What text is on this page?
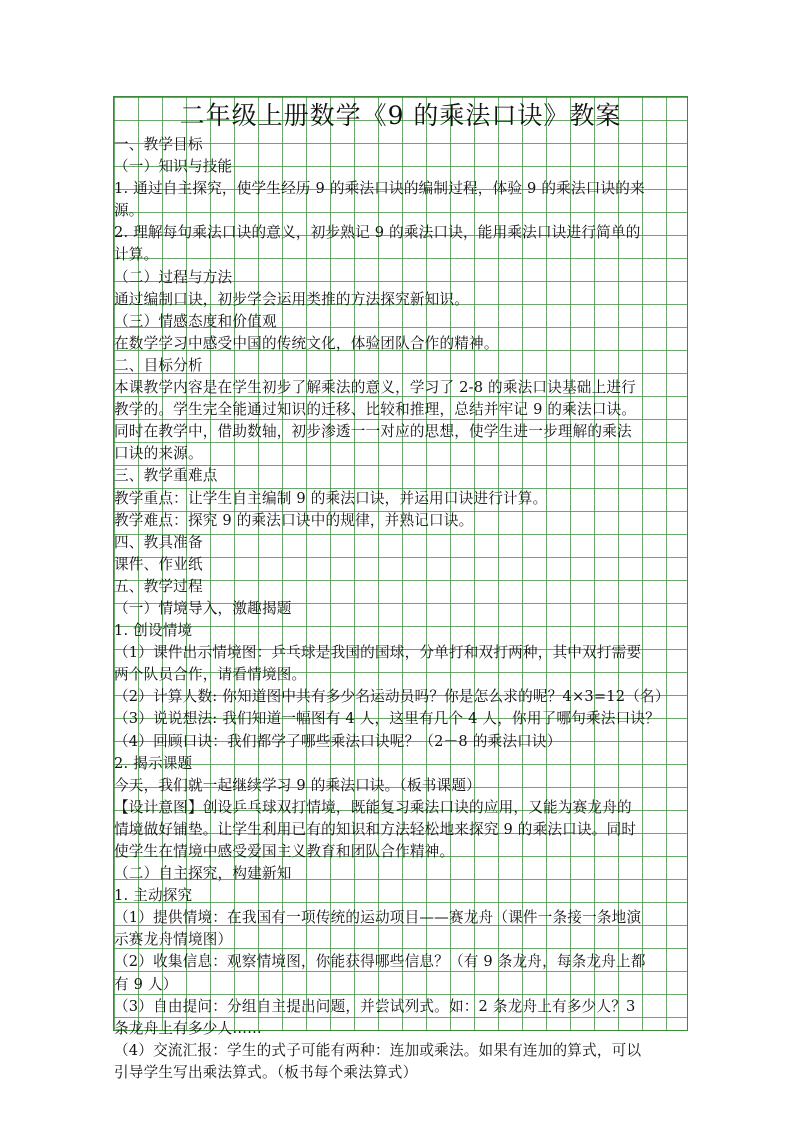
二年级上册数学《9 的乘法口诀》教案
一、教学目标
（一）知识与技能
1. 通过自主探究，使学生经历 9 的乘法口诀的编制过程，体验 9 的乘法口诀的来
源。
2. 理解每句乘法口诀的意义，初步熟记 9 的乘法口诀，能用乘法口诀进行简单的
计算。
（二）过程与方法
通过编制口诀，初步学会运用类推的方法探究新知识。
（三）情感态度和价值观
在数学学习中感受中国的传统文化，体验团队合作的精神。
二、目标分析
本课教学内容是在学生初步了解乘法的意义，学习了 2-8 的乘法口诀基础上进行
教学的。学生完全能通过知识的迁移、比较和推理，总结并牢记 9 的乘法口诀。
同时在教学中，借助数轴，初步渗透一一对应的思想，使学生进一步理解的乘法
口诀的来源。
三、教学重难点
教学重点：让学生自主编制 9 的乘法口诀，并运用口诀进行计算。
教学难点：探究 9 的乘法口诀中的规律，并熟记口诀。
四、教具准备
课件、作业纸
五、教学过程
（一）情境导入，激趣揭题
1. 创设情境
（1）课件出示情境图：乒乓球是我国的国球，分单打和双打两种，其中双打需要
两个队员合作，请看情境图。
（2）计算人数: 你知道图中共有多少名运动员吗？你是怎么求的呢？4×3=12（名）
（3）说说想法: 我们知道一幅图有 4 人，这里有几个 4 人，你用了哪句乘法口诀？
（4）回顾口诀：我们都学了哪些乘法口诀呢？（2－8 的乘法口诀）
2. 揭示课题
今天，我们就一起继续学习 9 的乘法口诀。（板书课题）
【设计意图】创设乒乓球双打情境，既能复习乘法口诀的应用，又能为赛龙舟的
情境做好铺垫。让学生利用已有的知识和方法轻松地来探究 9 的乘法口诀。同时
使学生在情境中感受爱国主义教育和团队合作精神。
（二）自主探究，构建新知
1. 主动探究
（1）提供情境：在我国有一项传统的运动项目——赛龙舟（课件一条接一条地演
示赛龙舟情境图）
（2）收集信息：观察情境图，你能获得哪些信息？（有 9 条龙舟，每条龙舟上都
有 9 人）
（3）自由提问：分组自主提出问题，并尝试列式。如：2 条龙舟上有多少人？3
条龙舟上有多少人……
（4）交流汇报：学生的式子可能有两种：连加或乘法。如果有连加的算式，可以
引导学生写出乘法算式。（板书每个乘法算式）
